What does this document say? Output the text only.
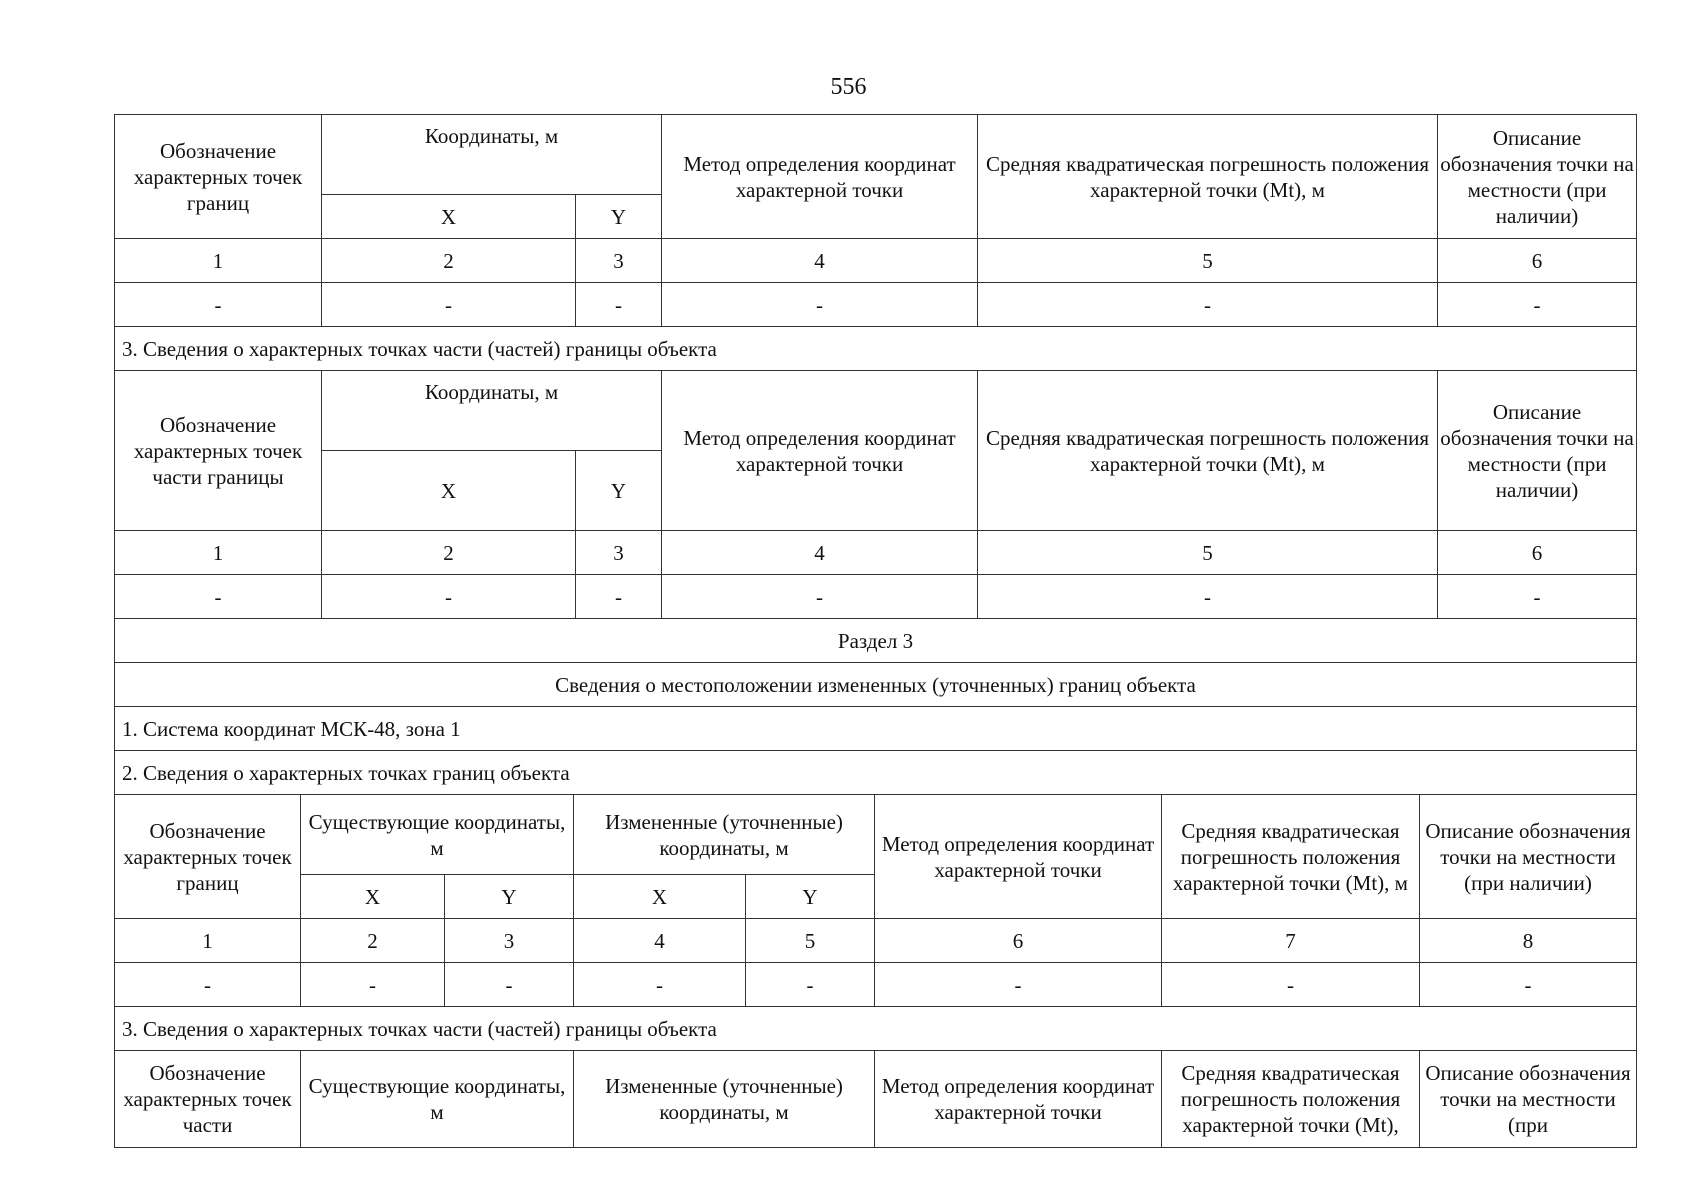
556
Обозначение характерных точек границ	Координаты, м		Метод определения координат характерной точки	Средняя квадратическая погрешность положения характерной точки (Mt), м	Описание обозначения точки на местности (при наличии)
	X	Y			
1	2	3	4	5	6
-	-	-	-	-	-
3. Сведения о характерных точках части (частей) границы объекта					
Обозначение характерных точек части границы	Координаты, м		Метод определения координат характерной точки	Средняя квадратическая погрешность положения характерной точки (Mt), м	Описание обозначения точки на местности (при наличии)
	X	Y			
1	2	3	4	5	6
-	-	-	-	-	-
Раздел 3					
Сведения о местоположении измененных (уточненных) границ объекта					
1. Система координат МСК-48, зона 1					
2. Сведения о характерных точках границ объекта					
Обозначение характерных точек границ	Существующие координаты, м		Измененные (уточненные) координаты, м		Метод определения координат характерной точки	Средняя квадратическая погрешность положения характерной точки (Mt), м	Описание обозначения точки на местности (при наличии)
	X	Y	X	Y			
1	2	3	4	5	6	7	8
-	-	-	-	-	-	-	-
3. Сведения о характерных точках части (частей) границы объекта							
Обозначение характерных точек части	Существующие координаты, м		Измененные (уточненные) координаты, м		Метод определения координат характерной точки	Средняя квадратическая погрешность положения характерной точки (Mt),	Описание обозначения точки на местности (при
